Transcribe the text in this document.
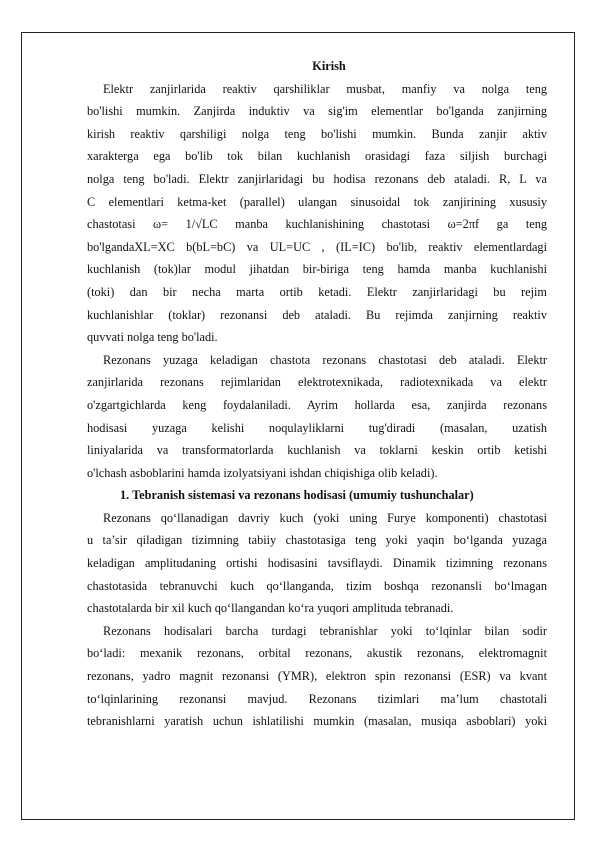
Kirish

Elektr zanjirlarida reaktiv qarshiliklar musbat, manfiy va nolga teng
bo'lishi mumkin. Zanjirda induktiv va sig'im elementlar bo'lganda zanjirning
kirish reaktiv qarshiligi nolga teng bo'lishi mumkin. Bunda zanjir aktiv
xarakterga ega bo'lib tok bilan kuchlanish orasidagi faza siljish burchagi
nolga teng bo'ladi. Elektr zanjirlaridagi bu hodisa rezonans deb ataladi. R, L va
C elementlari ketma-ket (parallel) ulangan sinusoidal tok zanjirining xususiy
chastotasi ω= 1/√LC manba kuchlanishining chastotasi ω=2πf ga teng
bo'lgandaXL=XC b(bL=bC) va UL=UC , (IL=IC) bo'lib, reaktiv elementlardagi
kuchlanish (tok)lar modul jihatdan bir-biriga teng hamda manba kuchlanishi
(toki) dan bir necha marta ortib ketadi. Elektr zanjirlaridagi bu rejim
kuchlanishlar (toklar) rezonansi deb ataladi. Bu rejimda zanjirning reaktiv
quvvati nolga teng bo'ladi.

Rezonans yuzaga keladigan chastota rezonans chastotasi deb ataladi. Elektr
zanjirlarida rezonans rejimlaridan elektrotexnikada, radiotexnikada va elektr
o'zgartgichlarda keng foydalaniladi. Ayrim hollarda esa, zanjirda rezonans
hodisasi yuzaga kelishi noqulayliklarni tug'diradi (masalan, uzatish
liniyalarida va transformatorlarda kuchlanish va toklarni keskin ortib ketishi
o'lchash asboblarini hamda izolyatsiyani ishdan chiqishiga olib keladi).

1. Tebranish sistemasi va rezonans hodisasi (umumiy tushunchalar)

Rezonans qo‘llanadigan davriy kuch (yoki uning Furye komponenti) chastotasi
u ta’sir qiladigan tizimning tabiiy chastotasiga teng yoki yaqin bo‘lganda yuzaga
keladigan amplitudaning ortishi hodisasini tavsiflaydi. Dinamik tizimning rezonans
chastotasida tebranuvchi kuch qo‘llanganda, tizim boshqa rezonansli bo‘lmagan
chastotalarda bir xil kuch qo‘llangandan ko‘ra yuqori amplituda tebranadi.

Rezonans hodisalari barcha turdagi tebranishlar yoki to‘lqinlar bilan sodir
bo‘ladi: mexanik rezonans, orbital rezonans, akustik rezonans, elektromagnit
rezonans, yadro magnit rezonansi (YMR), elektron spin rezonansi (ESR) va kvant
to‘lqinlarining rezonansi mavjud. Rezonans tizimlari ma’lum chastotali
tebranishlarni yaratish uchun ishlatilishi mumkin (masalan, musiqa asboblari) yoki
